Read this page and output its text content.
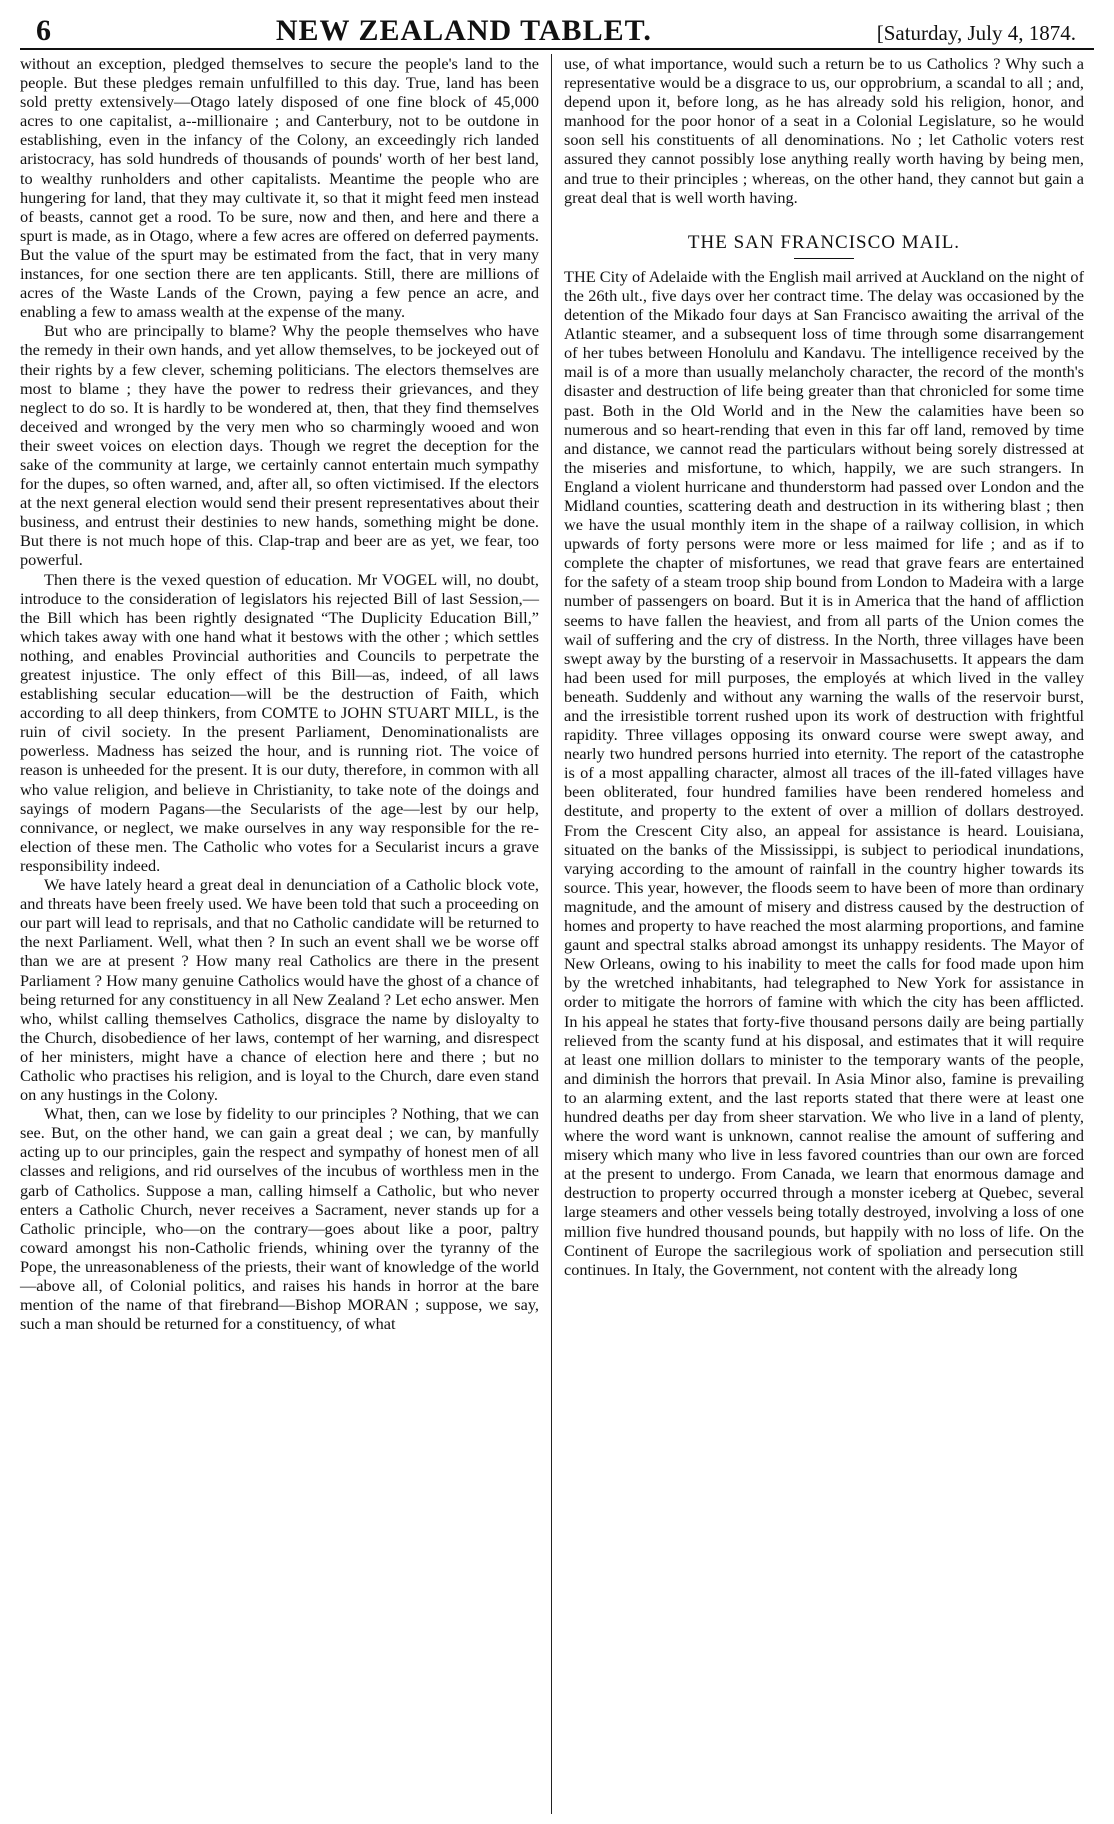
6	NEW ZEALAND TABLET.	[Saturday, July 4, 1874.

without an exception, pledged themselves to secure the people's land to the people. But these pledges remain unfulfilled to this day. True, land has been sold pretty extensively—Otago lately disposed of one fine block of 45,000 acres to one capitalist, a--millionaire ; and Canterbury, not to be outdone in establishing, even in the infancy of the Colony, an exceedingly rich landed aristocracy, has sold hundreds of thousands of pounds' worth of her best land, to wealthy runholders and other capitalists. Meantime the people who are hungering for land, that they may cultivate it, so that it might feed men instead of beasts, cannot get a rood. To be sure, now and then, and here and there a spurt is made, as in Otago, where a few acres are offered on deferred payments. But the value of the spurt may be estimated from the fact, that in very many instances, for one section there are ten applicants. Still, there are millions of acres of the Waste Lands of the Crown, paying a few pence an acre, and enabling a few to amass wealth at the expense of the many.

But who are principally to blame? Why the people themselves who have the remedy in their own hands, and yet allow themselves, to be jockeyed out of their rights by a few clever, scheming politicians. The electors themselves are most to blame ; they have the power to redress their grievances, and they neglect to do so. It is hardly to be wondered at, then, that they find themselves deceived and wronged by the very men who so charmingly wooed and won their sweet voices on election days. Though we regret the deception for the sake of the community at large, we certainly cannot entertain much sympathy for the dupes, so often warned, and, after all, so often victimised. If the electors at the next general election would send their present representatives about their business, and entrust their destinies to new hands, something might be done. But there is not much hope of this. Clap-trap and beer are as yet, we fear, too powerful.

Then there is the vexed question of education. Mr VOGEL will, no doubt, introduce to the consideration of legislators his rejected Bill of last Session,—the Bill which has been rightly designated “The Duplicity Education Bill,” which takes away with one hand what it bestows with the other ; which settles nothing, and enables Provincial authorities and Councils to perpetrate the greatest injustice. The only effect of this Bill—as, indeed, of all laws establishing secular education—will be the destruction of Faith, which according to all deep thinkers, from COMTE to JOHN STUART MILL, is the ruin of civil society. In the present Parliament, Denominationalists are powerless. Madness has seized the hour, and is running riot. The voice of reason is unheeded for the present. It is our duty, therefore, in common with all who value religion, and believe in Christianity, to take note of the doings and sayings of modern Pagans—the Secularists of the age—lest by our help, connivance, or neglect, we make ourselves in any way responsible for the re-election of these men. The Catholic who votes for a Secularist incurs a grave responsibility indeed.

We have lately heard a great deal in denunciation of a Catholic block vote, and threats have been freely used. We have been told that such a proceeding on our part will lead to reprisals, and that no Catholic candidate will be returned to the next Parliament. Well, what then ? In such an event shall we be worse off than we are at present ? How many real Catholics are there in the present Parliament ? How many genuine Catholics would have the ghost of a chance of being returned for any constituency in all New Zealand ? Let echo answer. Men who, whilst calling themselves Catholics, disgrace the name by disloyalty to the Church, disobedience of her laws, contempt of her warning, and disrespect of her ministers, might have a chance of election here and there ; but no Catholic who practises his religion, and is loyal to the Church, dare even stand on any hustings in the Colony.

What, then, can we lose by fidelity to our principles ? Nothing, that we can see. But, on the other hand, we can gain a great deal ; we can, by manfully acting up to our principles, gain the respect and sympathy of honest men of all classes and religions, and rid ourselves of the incubus of worthless men in the garb of Catholics. Suppose a man, calling himself a Catholic, but who never enters a Catholic Church, never receives a Sacrament, never stands up for a Catholic principle, who—on the contrary—goes about like a poor, paltry coward amongst his non-Catholic friends, whining over the tyranny of the Pope, the unreasonableness of the priests, their want of knowledge of the world—above all, of Colonial politics, and raises his hands in horror at the bare mention of the name of that firebrand—Bishop MORAN ; suppose, we say, such a man should be returned for a constituency, of what

use, of what importance, would such a return be to us Catholics ? Why such a representative would be a disgrace to us, our opprobrium, a scandal to all ; and, depend upon it, before long, as he has already sold his religion, honor, and manhood for the poor honor of a seat in a Colonial Legislature, so he would soon sell his constituents of all denominations. No ; let Catholic voters rest assured they cannot possibly lose anything really worth having by being men, and true to their principles ; whereas, on the other hand, they cannot but gain a great deal that is well worth having.

THE SAN FRANCISCO MAIL.

THE City of Adelaide with the English mail arrived at Auckland on the night of the 26th ult., five days over her contract time. The delay was occasioned by the detention of the Mikado four days at San Francisco awaiting the arrival of the Atlantic steamer, and a subsequent loss of time through some disarrangement of her tubes between Honolulu and Kandavu. The intelligence received by the mail is of a more than usually melancholy character, the record of the month's disaster and destruction of life being greater than that chronicled for some time past. Both in the Old World and in the New the calamities have been so numerous and so heart-rending that even in this far off land, removed by time and distance, we cannot read the particulars without being sorely distressed at the miseries and misfortune, to which, happily, we are such strangers. In England a violent hurricane and thunderstorm had passed over London and the Midland counties, scattering death and destruction in its withering blast ; then we have the usual monthly item in the shape of a railway collision, in which upwards of forty persons were more or less maimed for life ; and as if to complete the chapter of misfortunes, we read that grave fears are entertained for the safety of a steam troop ship bound from London to Madeira with a large number of passengers on board. But it is in America that the hand of affliction seems to have fallen the heaviest, and from all parts of the Union comes the wail of suffering and the cry of distress. In the North, three villages have been swept away by the bursting of a reservoir in Massachusetts. It appears the dam had been used for mill purposes, the employés at which lived in the valley beneath. Suddenly and without any warning the walls of the reservoir burst, and the irresistible torrent rushed upon its work of destruction with frightful rapidity. Three villages opposing its onward course were swept away, and nearly two hundred persons hurried into eternity. The report of the catastrophe is of a most appalling character, almost all traces of the ill-fated villages have been obliterated, four hundred families have been rendered homeless and destitute, and property to the extent of over a million of dollars destroyed. From the Crescent City also, an appeal for assistance is heard. Louisiana, situated on the banks of the Mississippi, is subject to periodical inundations, varying according to the amount of rainfall in the country higher towards its source. This year, however, the floods seem to have been of more than ordinary magnitude, and the amount of misery and distress caused by the destruction of homes and property to have reached the most alarming proportions, and famine gaunt and spectral stalks abroad amongst its unhappy residents. The Mayor of New Orleans, owing to his inability to meet the calls for food made upon him by the wretched inhabitants, had telegraphed to New York for assistance in order to mitigate the horrors of famine with which the city has been afflicted. In his appeal he states that forty-five thousand persons daily are being partially relieved from the scanty fund at his disposal, and estimates that it will require at least one million dollars to minister to the temporary wants of the people, and diminish the horrors that prevail. In Asia Minor also, famine is prevailing to an alarming extent, and the last reports stated that there were at least one hundred deaths per day from sheer starvation. We who live in a land of plenty, where the word want is unknown, cannot realise the amount of suffering and misery which many who live in less favored countries than our own are forced at the present to undergo. From Canada, we learn that enormous damage and destruction to property occurred through a monster iceberg at Quebec, several large steamers and other vessels being totally destroyed, involving a loss of one million five hundred thousand pounds, but happily with no loss of life. On the Continent of Europe the sacrilegious work of spoliation and persecution still continues. In Italy, the Government, not content with the already long
